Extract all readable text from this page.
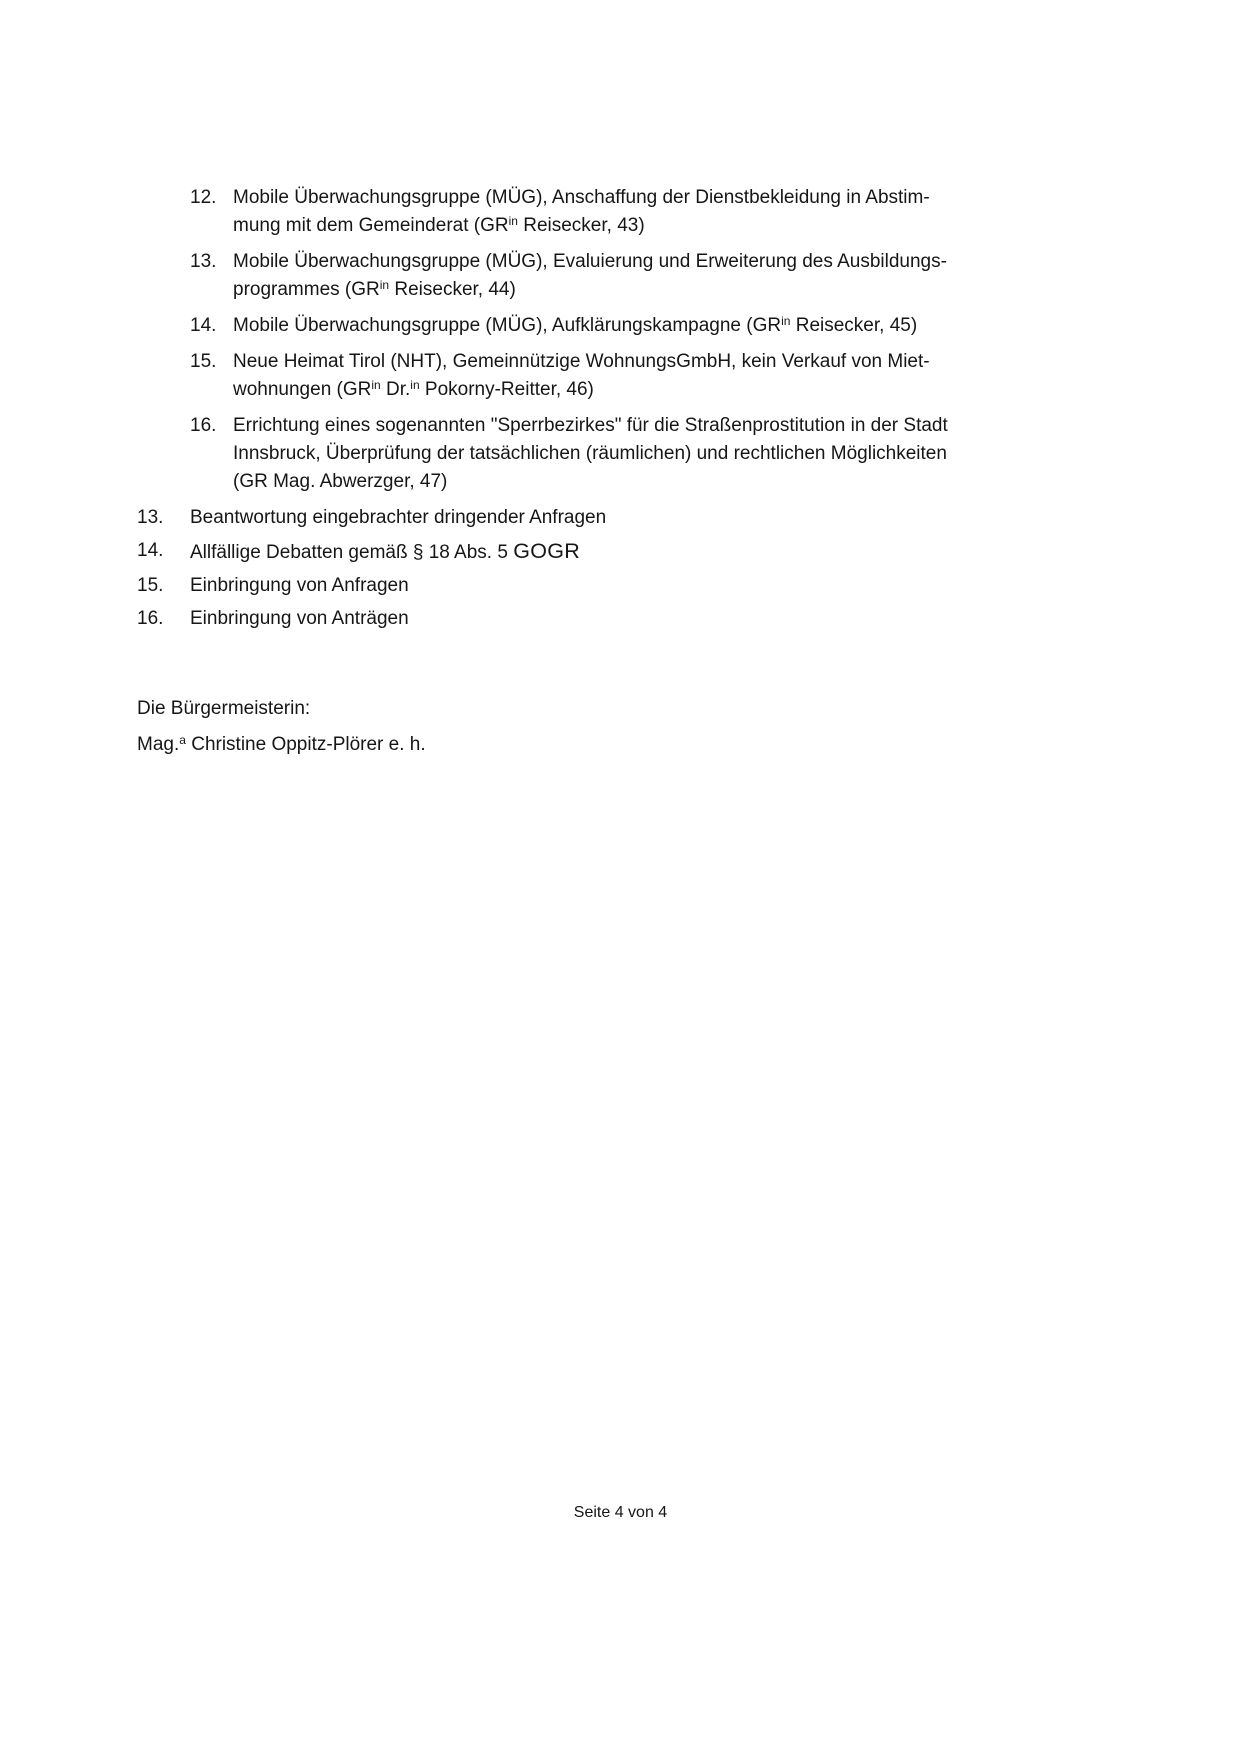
12. Mobile Überwachungsgruppe (MÜG), Anschaffung der Dienstbekleidung in Abstim-
mung mit dem Gemeinderat ($GR^{in}$ Reisecker, 43)
13. Mobile Überwachungsgruppe (MÜG), Evaluierung und Erweiterung des Ausbildungs-
programmes ($GR^{in}$ Reisecker, 44)
14. Mobile Überwachungsgruppe (MÜG), Aufklärungskampagne ($GR^{in}$ Reisecker, 45)
15. Neue Heimat Tirol (NHT), Gemeinnützige WohnungsGmbH, kein Verkauf von Miet-
wohnungen ($GR^{in}$ Dr.$^{in}$ Pokorny-Reitter, 46)
16. Errichtung eines sogenannten "Sperrbezirkes" für die Straßenprostitution in der Stadt
Innsbruck, Überprüfung der tatsächlichen (räumlichen) und rechtlichen Möglichkeiten
(GR Mag. Abwerzger, 47)
13.	Beantwortung eingebrachter dringender Anfragen
14.	Allfällige Debatten gemäß § 18 Abs. 5 GOGR
15.	Einbringung von Anfragen
16.	Einbringung von Anträgen
Die Bürgermeisterin:
Mag.$^a$ Christine Oppitz-Plörer e. h.
Seite 4 von 4
